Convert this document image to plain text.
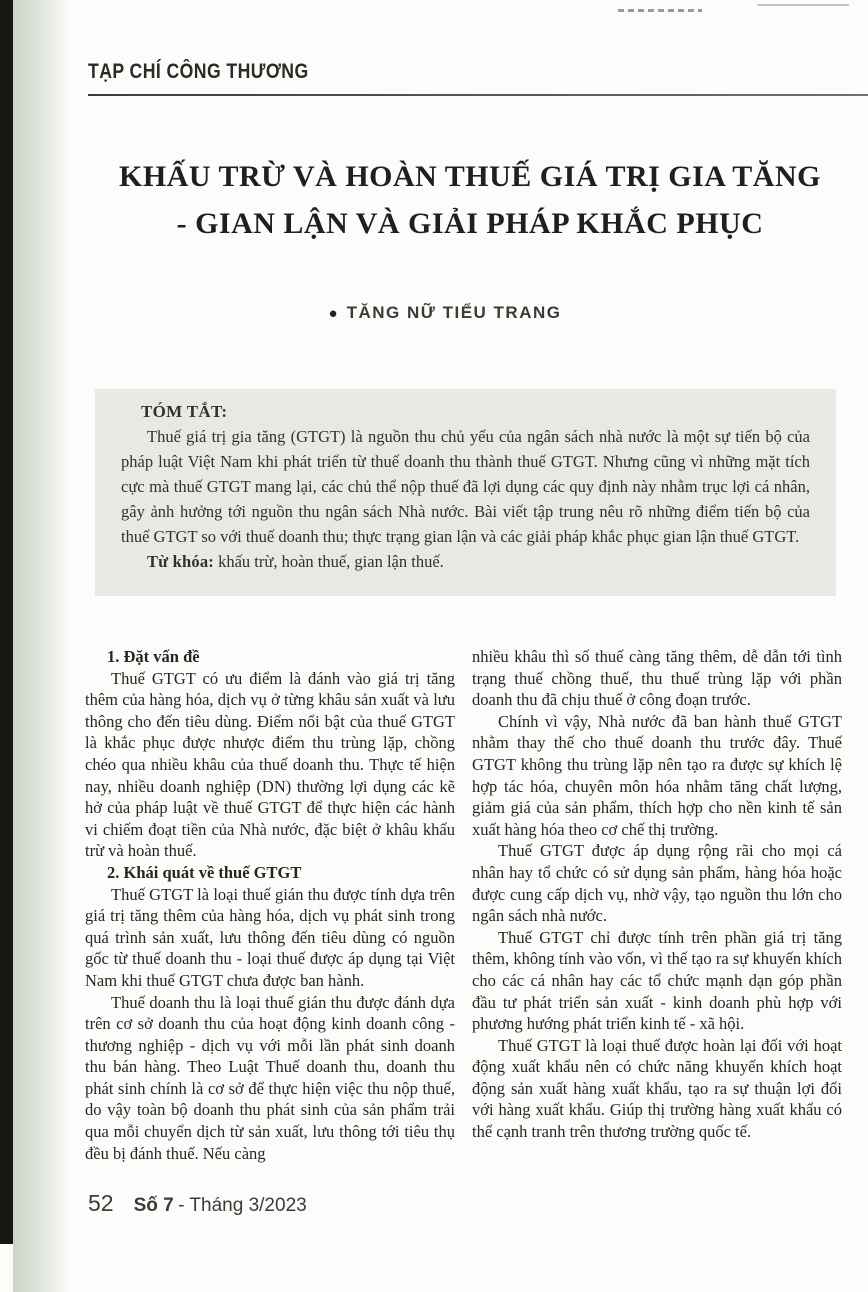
TẠP CHÍ CÔNG THƯƠNG
KHẤU TRỪ VÀ HOÀN THUẾ GIÁ TRỊ GIA TĂNG
- GIAN LẬN VÀ GIẢI PHÁP KHẮC PHỤC
● TĂNG NỮ TIỂU TRANG
TÓM TẮT:

Thuế giá trị gia tăng (GTGT) là nguồn thu chủ yếu của ngân sách nhà nước là một sự tiến bộ của pháp luật Việt Nam khi phát triển từ thuế doanh thu thành thuế GTGT. Nhưng cũng vì những mặt tích cực mà thuế GTGT mang lại, các chủ thể nộp thuế đã lợi dụng các quy định này nhằm trục lợi cá nhân, gây ảnh hưởng tới nguồn thu ngân sách Nhà nước. Bài viết tập trung nêu rõ những điểm tiến bộ của thuế GTGT so với thuế doanh thu; thực trạng gian lận và các giải pháp khắc phục gian lận thuế GTGT.

Từ khóa: khấu trừ, hoàn thuế, gian lận thuế.

1. Đặt vấn đề

Thuế GTGT có ưu điểm là đánh vào giá trị tăng thêm của hàng hóa, dịch vụ ở từng khâu sản xuất và lưu thông cho đến tiêu dùng. Điểm nổi bật của thuế GTGT là khắc phục được nhược điểm thu trùng lặp, chồng chéo qua nhiều khâu của thuế doanh thu. Thực tế hiện nay, nhiều doanh nghiệp (DN) thường lợi dụng các kẽ hở của pháp luật về thuế GTGT để thực hiện các hành vi chiếm đoạt tiền của Nhà nước, đặc biệt ở khâu khấu trừ và hoàn thuế.

2. Khái quát về thuế GTGT

Thuế GTGT là loại thuế gián thu được tính dựa trên giá trị tăng thêm của hàng hóa, dịch vụ phát sinh trong quá trình sản xuất, lưu thông đến tiêu dùng có nguồn gốc từ thuế doanh thu - loại thuế được áp dụng tại Việt Nam khi thuế GTGT chưa được ban hành.

Thuế doanh thu là loại thuế gián thu được đánh dựa trên cơ sở doanh thu của hoạt động kinh doanh công - thương nghiệp - dịch vụ với mỗi lần phát sinh doanh thu bán hàng. Theo Luật Thuế doanh thu, doanh thu phát sinh chính là cơ sở để thực hiện việc thu nộp thuế, do vậy toàn bộ doanh thu phát sinh của sản phẩm trải qua mỗi chuyển dịch từ sản xuất, lưu thông tới tiêu thụ đều bị đánh thuế. Nếu càng

nhiều khâu thì số thuế càng tăng thêm, dễ dẫn tới tình trạng thuế chồng thuế, thu thuế trùng lặp với phần doanh thu đã chịu thuế ở công đoạn trước.

Chính vì vậy, Nhà nước đã ban hành thuế GTGT nhằm thay thế cho thuế doanh thu trước đây. Thuế GTGT không thu trùng lặp nên tạo ra được sự khích lệ hợp tác hóa, chuyên môn hóa nhằm tăng chất lượng, giảm giá của sản phẩm, thích hợp cho nền kinh tế sản xuất hàng hóa theo cơ chế thị trường.

Thuế GTGT được áp dụng rộng rãi cho mọi cá nhân hay tổ chức có sử dụng sản phẩm, hàng hóa hoặc được cung cấp dịch vụ, nhờ vậy, tạo nguồn thu lớn cho ngân sách nhà nước.

Thuế GTGT chỉ được tính trên phần giá trị tăng thêm, không tính vào vốn, vì thế tạo ra sự khuyến khích cho các cá nhân hay các tổ chức mạnh dạn góp phần đầu tư phát triển sản xuất - kinh doanh phù hợp với phương hướng phát triển kinh tế - xã hội.

Thuế GTGT là loại thuế được hoàn lại đối với hoạt động xuất khẩu nên có chức năng khuyến khích hoạt động sản xuất hàng xuất khẩu, tạo ra sự thuận lợi đối với hàng xuất khẩu. Giúp thị trường hàng xuất khẩu có thể cạnh tranh trên thương trường quốc tế.

52 Số 7 - Tháng 3/2023
